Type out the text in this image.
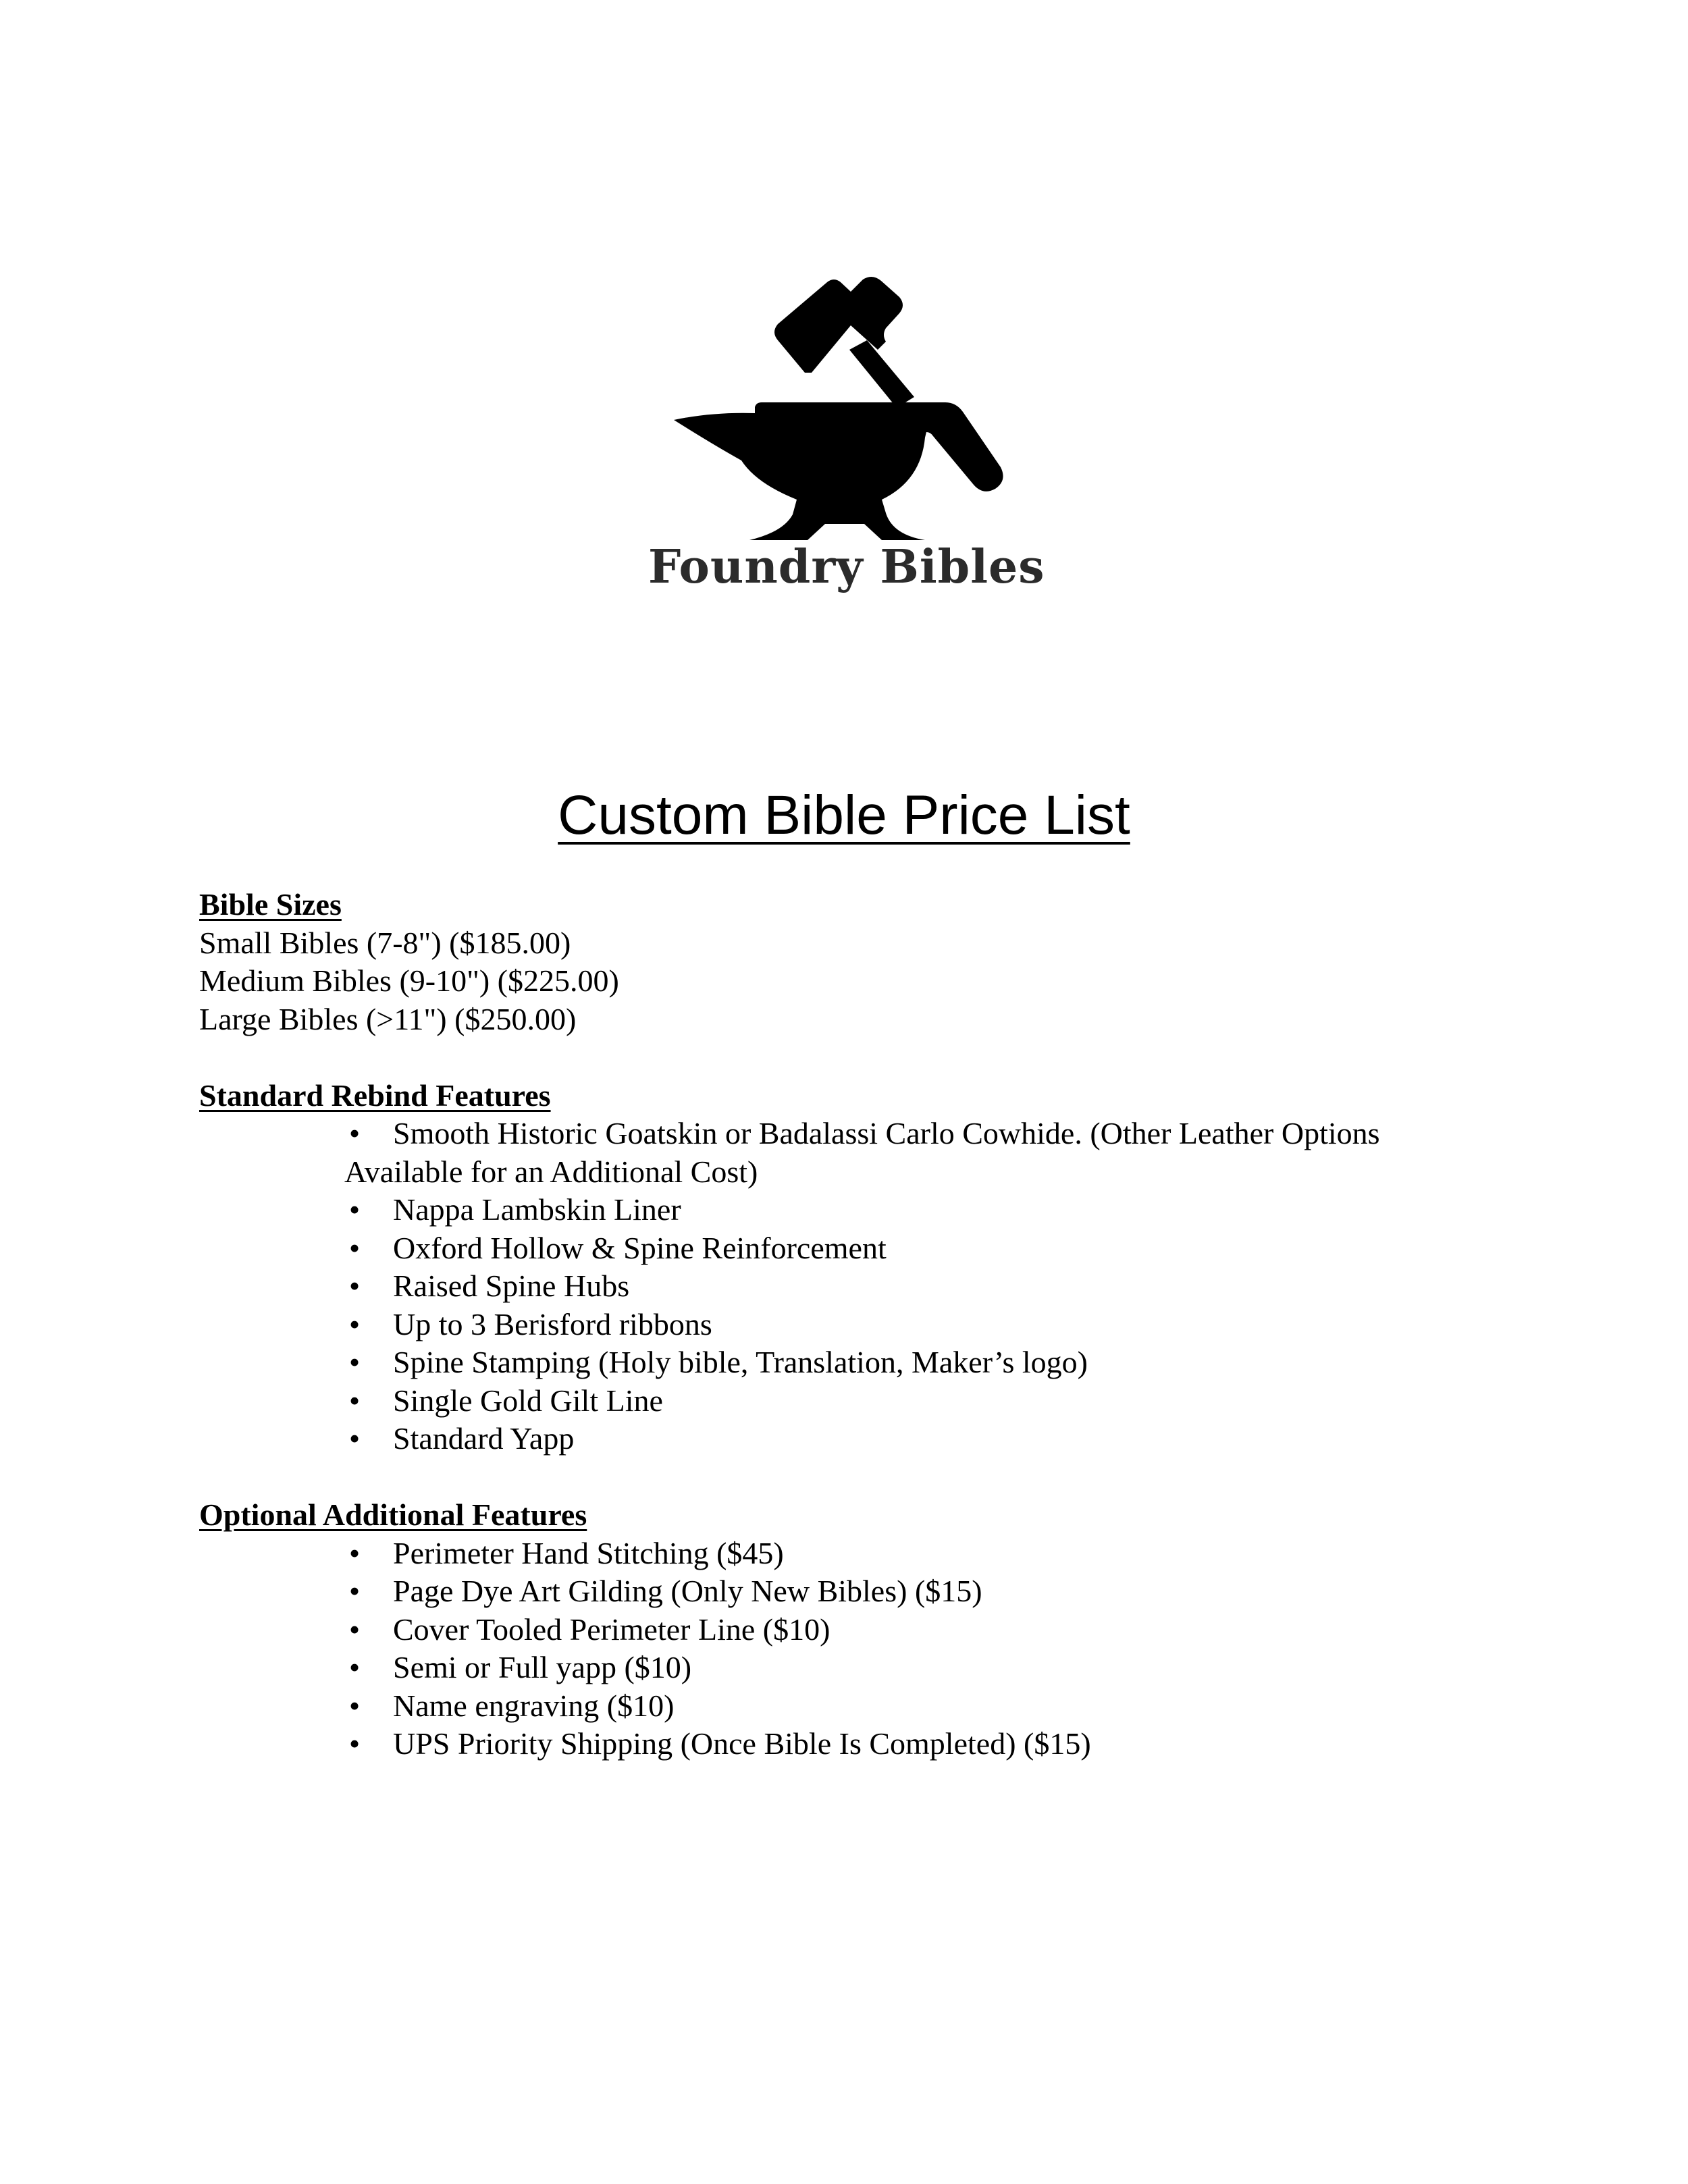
Foundry Bibles
Custom Bible Price List
Bible Sizes
Small Bibles (7-8") ($185.00)
Medium Bibles (9-10") ($225.00)
Large Bibles (>11") ($250.00)
Standard Rebind Features
• Smooth Historic Goatskin or Badalassi Carlo Cowhide. (Other Leather Options Available for an Additional Cost)
• Nappa Lambskin Liner
• Oxford Hollow & Spine Reinforcement
• Raised Spine Hubs
• Up to 3 Berisford ribbons
• Spine Stamping (Holy bible, Translation, Maker’s logo)
• Single Gold Gilt Line
• Standard Yapp
Optional Additional Features
• Perimeter Hand Stitching ($45)
• Page Dye Art Gilding (Only New Bibles) ($15)
• Cover Tooled Perimeter Line ($10)
• Semi or Full yapp ($10)
• Name engraving ($10)
• UPS Priority Shipping (Once Bible Is Completed) ($15)
